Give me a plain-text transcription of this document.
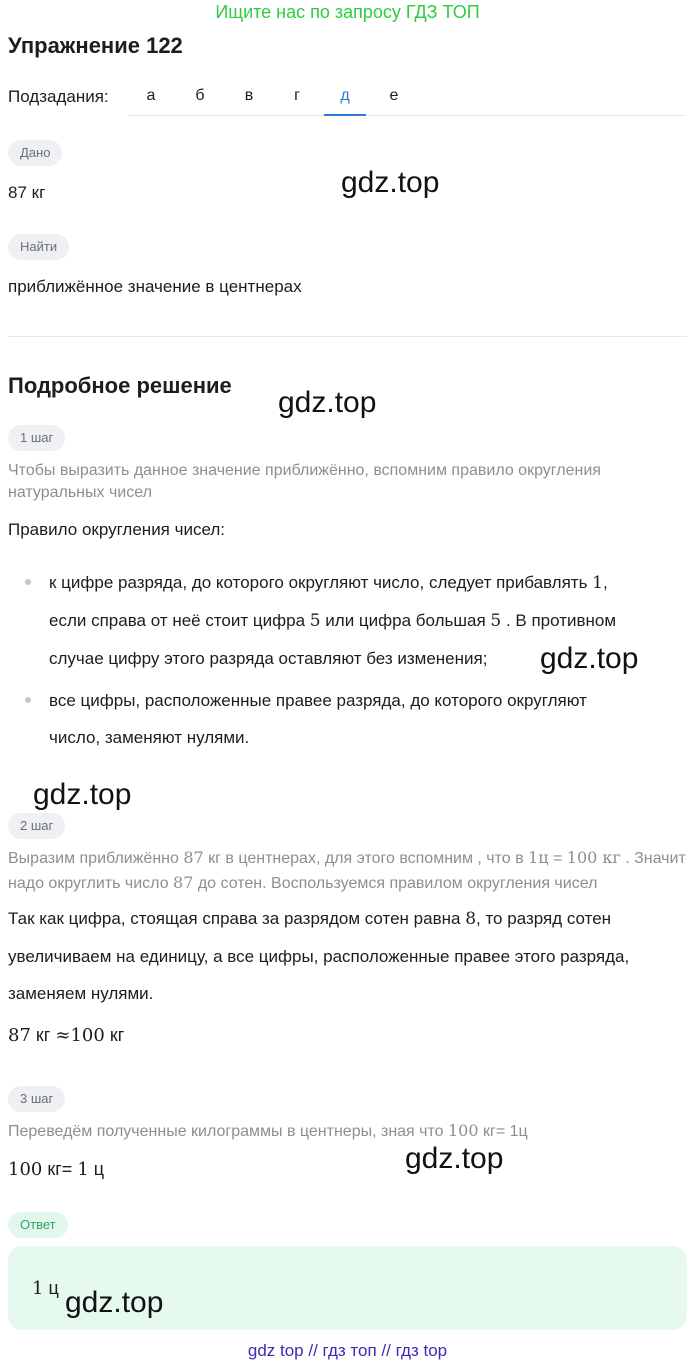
Ищите нас по запросу ГДЗ ТОП
Упражнение 122
Подзадания:	а	б	в	г	д	е
Дано
87 кг	gdz.top
Найти
приближённое значение в центнерах
Подробное решение
gdz.top
1 шаг
Чтобы выразить данное значение приближённо, вспомним правило округления натуральных чисел
Правило округления чисел:
к цифре разряда, до которого округляют число, следует прибавлять 1,
если справа от неё стоит цифра 5 или цифра большая 5 . В противном
случае цифру этого разряда оставляют без изменения;	gdz.top
все цифры, расположенные правее разряда, до которого округляют
число, заменяют нулями.
gdz.top
2 шаг
Выразим приближённо 87 кг в центнерах, для этого вспомним , что в 1ц = 100 кг . Значит
надо округлить число 87 до сотен. Воспользуемся правилом округления чисел
Так как цифра, стоящая справа за разрядом сотен равна 8, то разряд сотен
увеличиваем на единицу, а все цифры, расположенные правее этого разряда,
заменяем нулями.
87 кг ≈100 кг
3 шаг
Переведём полученные килограммы в центнеры, зная что 100 кг= 1ц
100 кг= 1 ц	gdz.top
Ответ
1 ц gdz.top
gdz top // гдз топ // гдз top
